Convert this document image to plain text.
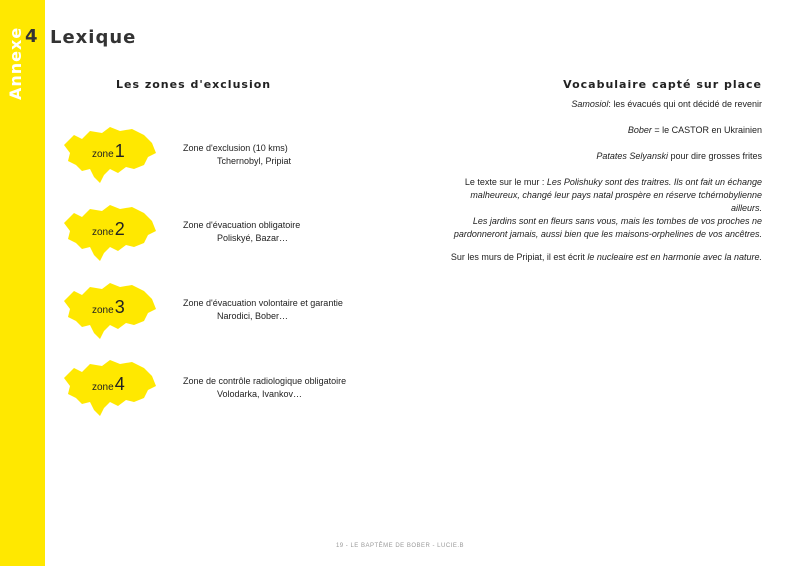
4
Annexe Lexique
Les zones d'exclusion	Vocabulaire capté sur place
zone1	Zone d'exclusion (10 kms)
Tchernobyl, Pripiat
zone2	Zone d'évacuation obligatoire
Poliskyé, Bazar…
zone3	Zone d'évacuation volontaire et garantie
Narodici, Bober…
zone4	Zone de contrôle radiologique obligatoire
Volodarka, Ivankov…
Samosiol: les évacués qui ont décidé de revenir
Bober = le CASTOR en Ukrainien
Patates Selyanski pour dire grosses frites
Le texte sur le mur : Les Polishuky sont des traitres. Ils ont fait un échange malheureux, changé leur pays natal prospère en réserve tchérnobylienne ailleurs.
Les jardins sont en fleurs sans vous, mais les tombes de vos proches ne pardonneront jamais, aussi bien que les maisons-orphelines de vos ancêtres.
Sur les murs de Pripiat, il est écrit le nucleaire est en harmonie avec la nature.
19 - LE BAPTÊME DE BOBER - LUCIE.B
